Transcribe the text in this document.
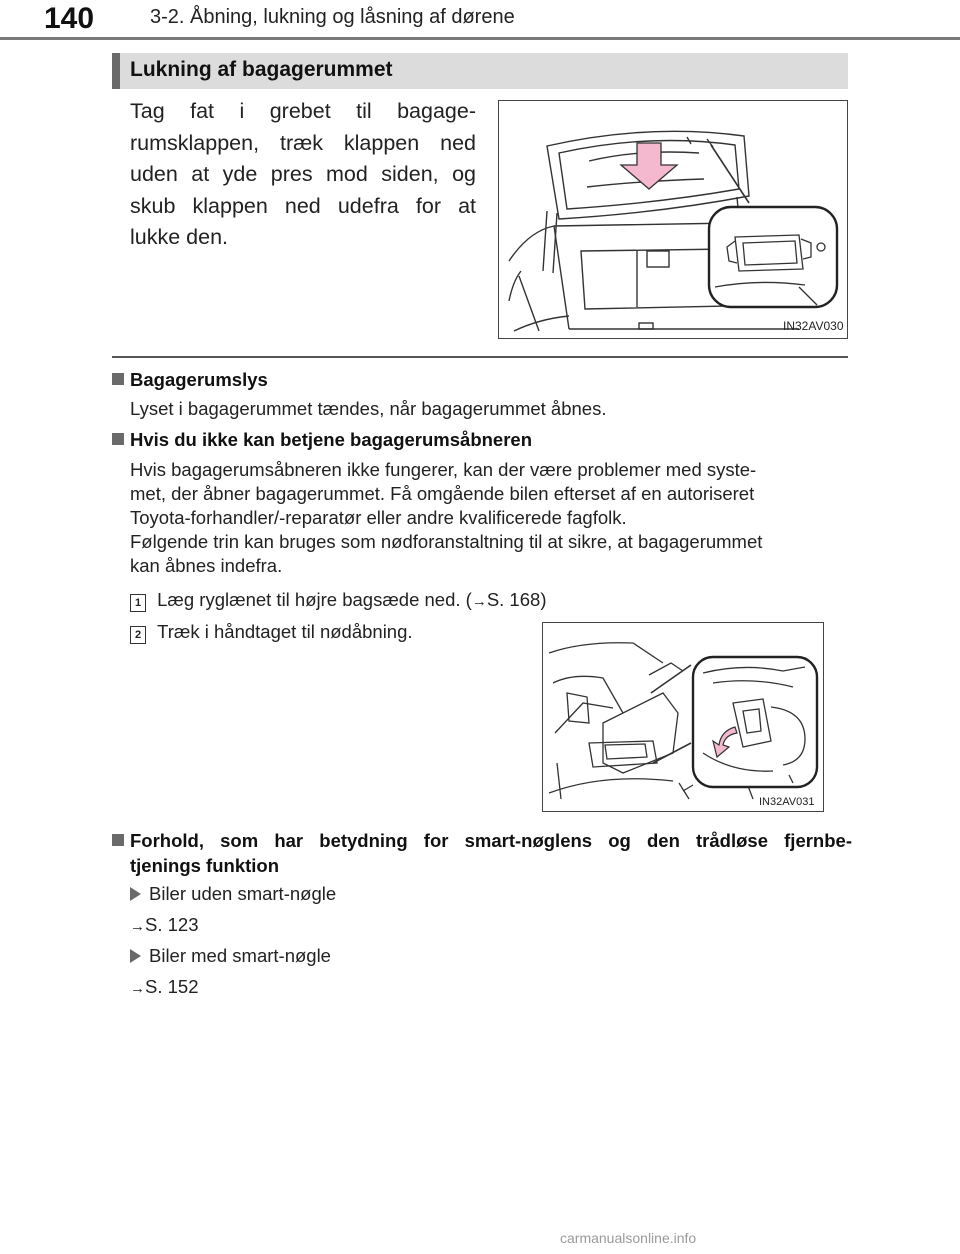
140	3-2. Åbning, lukning og låsning af dørene
Lukning af bagagerummet
Tag fat i grebet til bagage-rumsklappen, træk klappen ned uden at yde pres mod siden, og skub klappen ned udefra for at lukke den.
IN32AV030
Bagagerumslys
Lyset i bagagerummet tændes, når bagagerummet åbnes.
Hvis du ikke kan betjene bagagerumsåbneren
Hvis bagagerumsåbneren ikke fungerer, kan der være problemer med syste-
met, der åbner bagagerummet. Få omgående bilen efterset af en autoriseret
Toyota-forhandler/-reparatør eller andre kvalificerede fagfolk.
Følgende trin kan bruges som nødforanstaltning til at sikre, at bagagerummet
kan åbnes indefra.
1 Læg ryglænet til højre bagsæde ned. (→S. 168)
2 Træk i håndtaget til nødåbning.
IN32AV031
Forhold, som har betydning for smart-nøglens og den trådløse fjernbe-
tjenings funktion
Biler uden smart-nøgle
→S. 123
Biler med smart-nøgle
→S. 152
carmanualsonline.info
